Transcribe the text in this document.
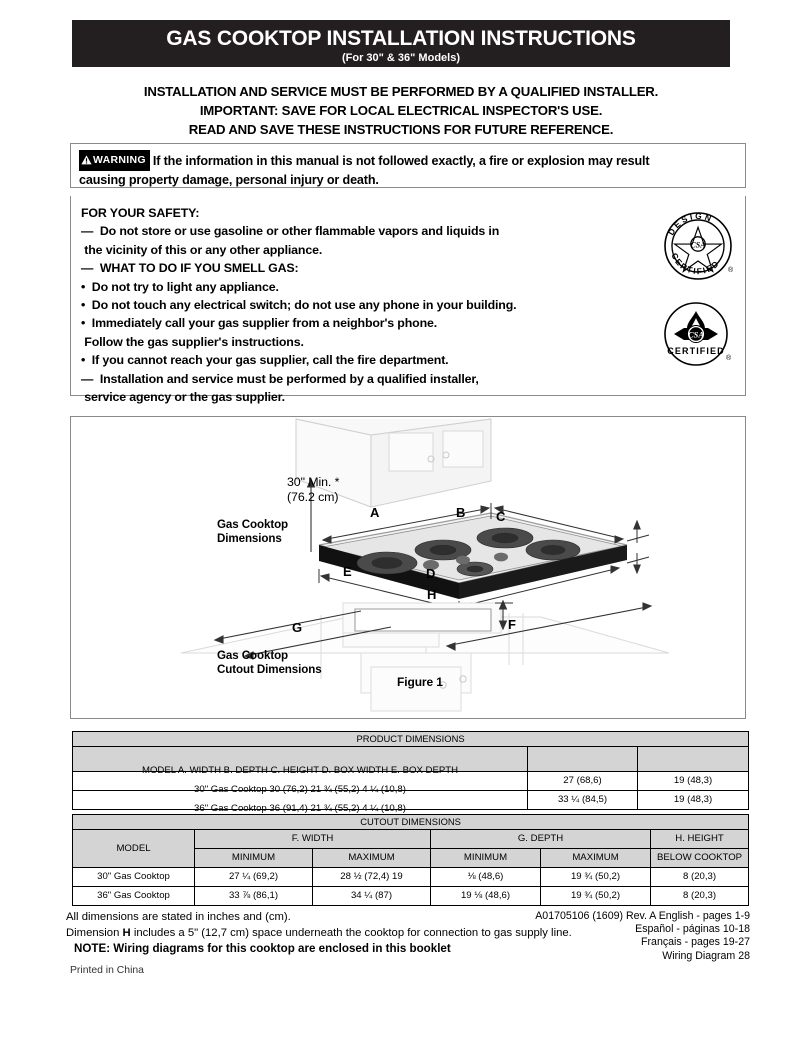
GAS COOKTOP INSTALLATION INSTRUCTIONS
(For 30" & 36" Models)
INSTALLATION AND SERVICE MUST BE PERFORMED BY A QUALIFIED INSTALLER.
IMPORTANT: SAVE FOR LOCAL ELECTRICAL INSPECTOR'S USE.
READ AND SAVE THESE INSTRUCTIONS FOR FUTURE REFERENCE.
WARNING If the information in this manual is not followed exactly, a fire or explosion may result
causing property damage, personal injury or death.
FOR YOUR SAFETY:
—  Do not store or use gasoline or other flammable vapors and liquids in
the vicinity of this or any other appliance.
—  WHAT TO DO IF YOU SMELL GAS:
•  Do not try to light any appliance.
•  Do not touch any electrical switch; do not use any phone in your building.
•  Immediately call your gas supplier from a neighbor's phone.
Follow the gas supplier's instructions.
•  If you cannot reach your gas supplier, call the fire department.
—  Installation and service must be performed by a qualified installer,
service agency or the gas supplier.
CSA
DESIGN
CERTIFIED
®
CSA
CERTIFIED
®
30" Min. *
(76.2 cm)
Gas Cooktop
Dimensions
Gas Cooktop
Cutout Dimensions
Figure 1
A	B C
D
E
F
G
H
PRODUCT DIMENSIONS		

MODEL A. WIDTH B. DEPTH C. HEIGHT D. BOX WIDTH E. BOX DEPTH		

30" Gas Cooktop 30 (76,2) 21 ¾ (55,2) 4 ¼ (10,8)	27 (68,6)	19 (48,3)

36" Gas Cooktop 36 (91,4) 21 ¾ (55,2) 4 ¼ (10,8)	33 ¼ (84,5)	19 (48,3)
CUTOUT DIMENSIONS					
MODEL	F. WIDTH		G. DEPTH		H. HEIGHT
	MINIMUM	MAXIMUM	MINIMUM	MAXIMUM	BELOW COOKTOP
30" Gas Cooktop	27 ¼ (69,2)	28 ½ (72,4) 19	⅛ (48,6)	19 ¾ (50,2)	8 (20,3)
36" Gas Cooktop	33 ⅞ (86,1)	34 ¼ (87)	19 ⅛ (48,6)	19 ¾ (50,2)	8 (20,3)
All dimensions are stated in inches and (cm).
Dimension H includes a 5" (12,7 cm) space underneath the cooktop for connection to gas supply line.
NOTE: Wiring diagrams for this cooktop are enclosed in this booklet
A01705106 (1609) Rev. A English - pages 1-9
Español - páginas 10-18
Français - pages 19-27
Wiring Diagram 28
Printed in China
